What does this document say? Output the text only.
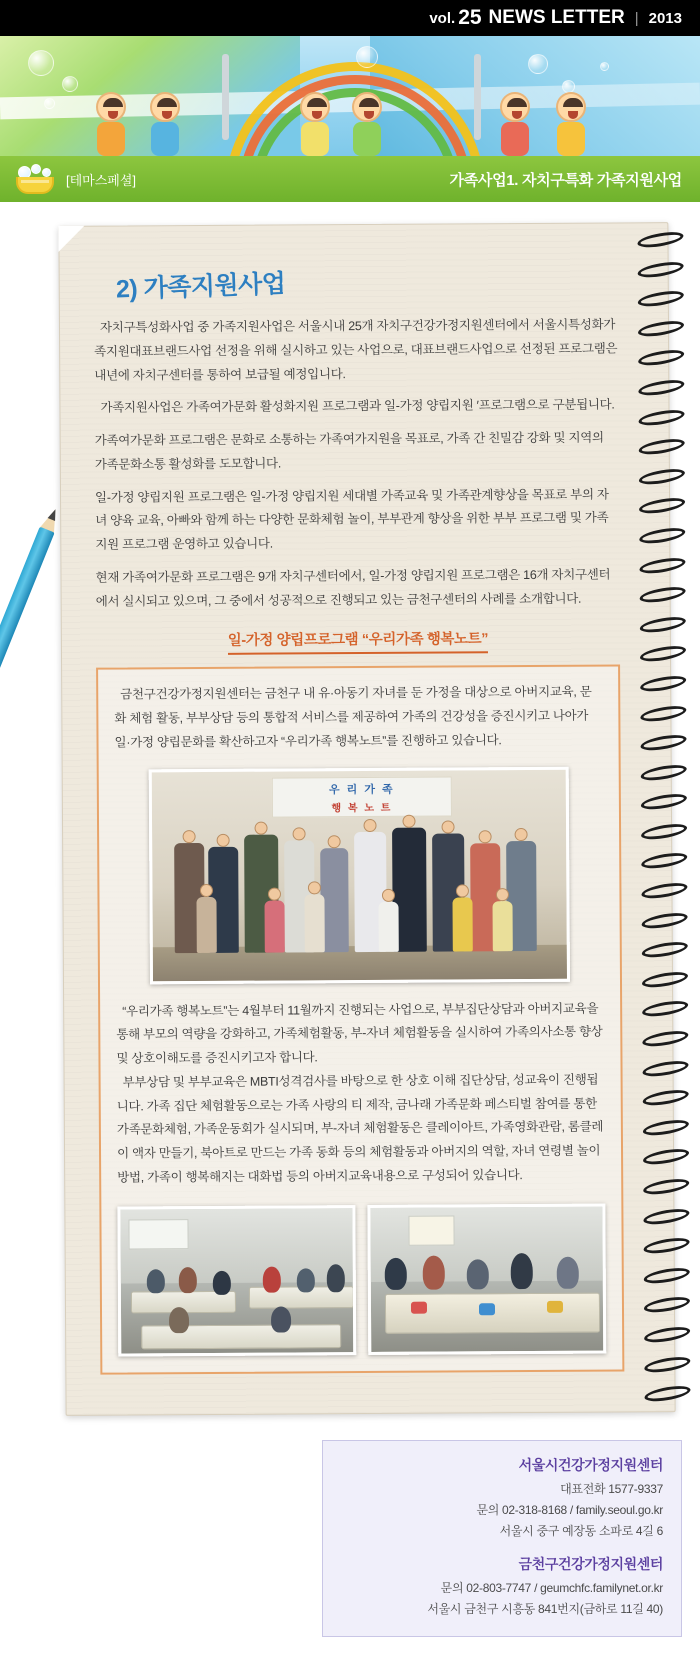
vol. 25 NEWS LETTER | 2013
[테마스페셜]	가족사업1. 자치구특화 가족지원사업
2) 가족지원사업

자치구특성화사업 중 가족지원사업은 서울시내 25개 자치구건강가정지원센터에서 서울시특성화가족지원대표브랜드사업 선정을 위해 실시하고 있는 사업으로, 대표브랜드사업으로 선정된 프로그램은 내년에 자치구센터를 통하여 보급될 예정입니다.

가족지원사업은 가족여가문화 활성화지원 프로그램과 일-가정 양립지원 ′프로그램으로 구분됩니다.

가족여가문화 프로그램은 문화로 소통하는 가족여가지원을 목표로, 가족 간 친밀감 강화 및 지역의 가족문화소통 활성화를 도모합니다.

일-가정 양립지원 프로그램은 일-가정 양립지원 세대별 가족교육 및 가족관계향상을 목표로 부의 자녀 양육 교육, 아빠와 함께 하는 다양한 문화체험 놀이, 부부관계 향상을 위한 부부 프로그램 및 가족지원 프로그램 운영하고 있습니다.

현재 가족여가문화 프로그램은 9개 자치구센터에서, 일-가정 양립지원 프로그램은 16개 자치구센터에서 실시되고 있으며, 그 중에서 성공적으로 진행되고 있는 금천구센터의 사례를 소개합니다.

일-가정 양립프로그램 “우리가족 행복노트”

금천구건강가정지원센터는 금천구 내 유·아동기 자녀를 둔 가정을 대상으로 아버지교육, 문화 체험 활동, 부부상담 등의 통합적 서비스를 제공하여 가족의 건강성을 증진시키고 나아가 일·가정 양립문화를 확산하고자 “우리가족 행복노트”를 진행하고 있습니다.

우 리 가 족
행 복 노 트

“우리가족 행복노트”는 4월부터 11월까지 진행되는 사업으로, 부부집단상담과 아버지교육을 통해 부모의 역량을 강화하고, 가족체험활동, 부-자녀 체험활동을 실시하여 가족의사소통 향상 및 상호이해도를 증진시키고자 합니다.

부부상담 및 부부교육은 MBTI성격검사를 바탕으로 한 상호 이해 집단상담, 성교육이 진행됩니다. 가족 집단 체험활동으로는 가족 사랑의 티 제작, 금나래 가족문화 페스티벌 참여를 통한 가족문화체험, 가족운동회가 실시되며, 부-자녀 체험활동은 클레이아트, 가족영화관람, 롬클레이 액자 만들기, 북아트로 만드는 가족 동화 등의 체험활동과 아버지의 역할, 자녀 연령별 놀이방법, 가족이 행복해지는 대화법 등의 아버지교육내용으로 구성되어 있습니다.

서울시건강가정지원센터
대표전화 1577-9337
문의 02-318-8168 / family.seoul.go.kr
서울시 중구 예장동 소파로 4길 6
금천구건강가정지원센터
문의 02-803-7747 / geumchfc.familynet.or.kr
서울시 금천구 시흥동 841번지(금하로 11길 40)
